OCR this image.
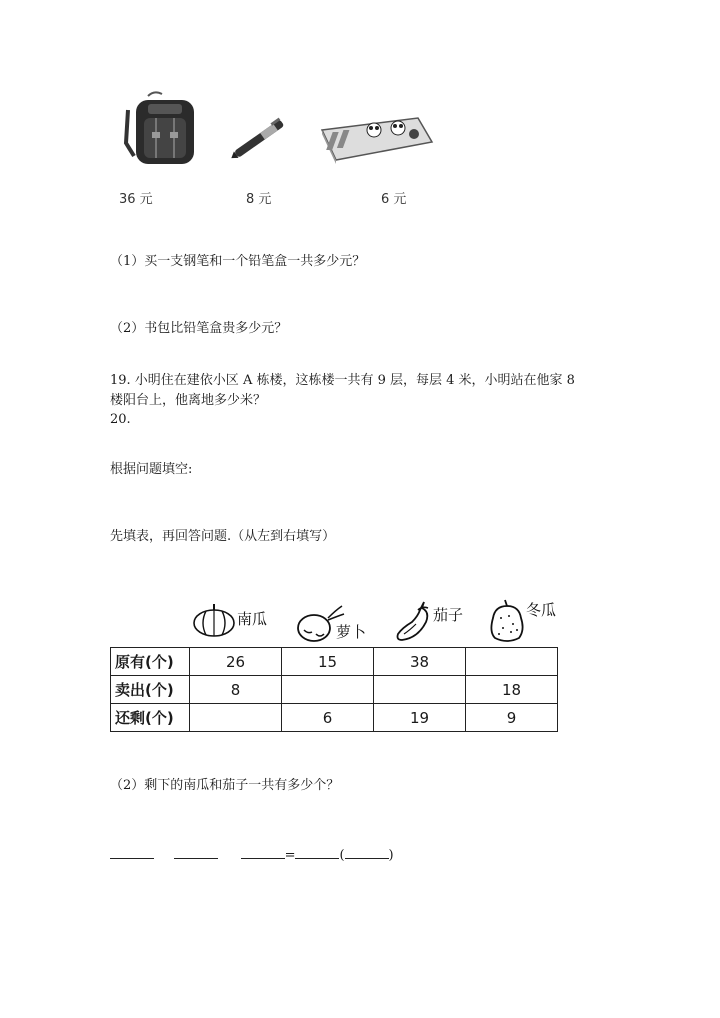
36 元	8 元	6 元
（1）买一支钢笔和一个铅笔盒一共多少元？
（2）书包比铅笔盒贵多少元？
19. 小明住在建依小区 A 栋楼，这栋楼一共有 9 层，每层 4 米，小明站在他家 8
楼阳台上，他离地多少米？
20.
根据问题填空:
先填表，再回答问题.（从左到右填写）
南瓜
萝卜
茄子	冬瓜
原有(个)	26	15	38	
卖出(个)	8			18
还剩(个)		6	19	9
（2）剩下的南瓜和茄子一共有多少个？
=	(	)
